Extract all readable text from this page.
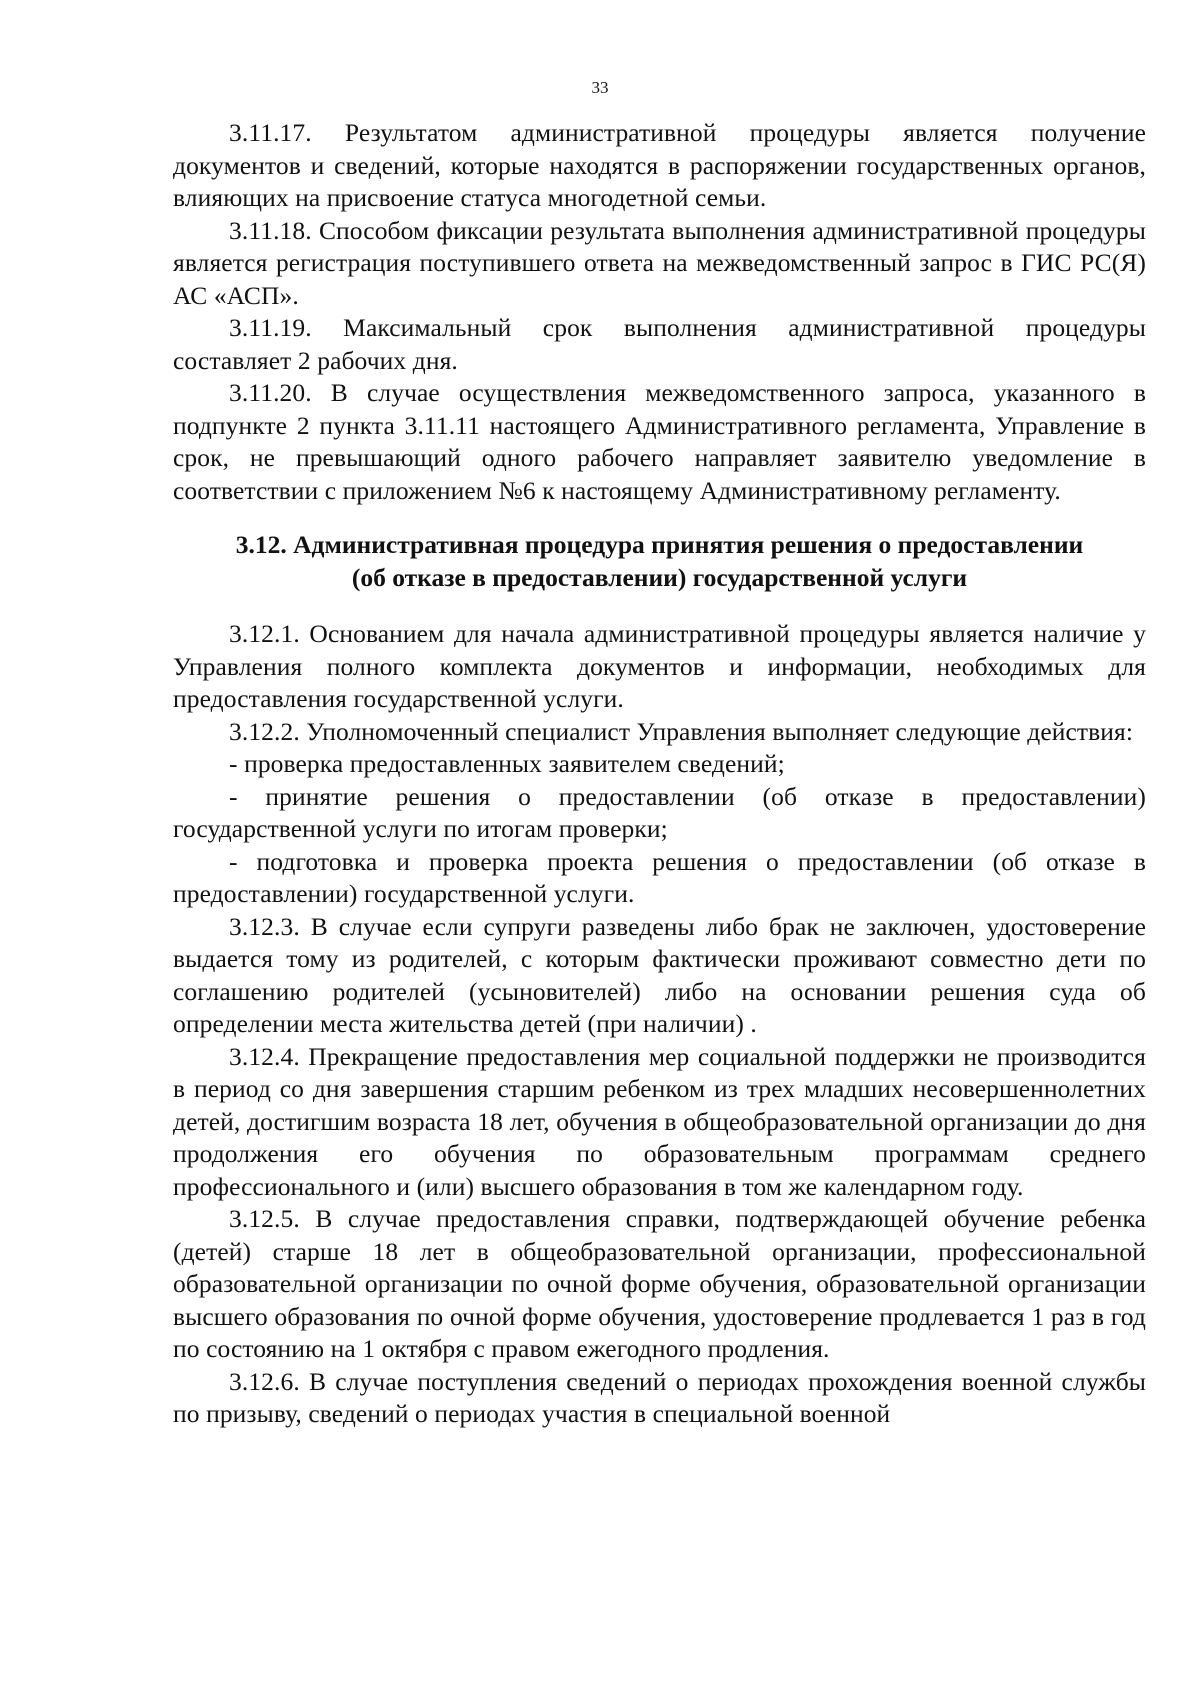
33

3.11.17. Результатом административной процедуры является получение документов и сведений, которые находятся в распоряжении государственных органов, влияющих на присвоение статуса многодетной семьи.

3.11.18. Способом фиксации результата выполнения административной процедуры является регистрация поступившего ответа на межведомственный запрос в ГИС РС(Я) АС «АСП».

3.11.19. Максимальный срок выполнения административной процедуры составляет 2 рабочих дня.

3.11.20. В случае осуществления межведомственного запроса, указанного в подпункте 2 пункта 3.11.11 настоящего Административного регламента, Управление в срок, не превышающий одного рабочего направляет заявителю уведомление в соответствии с приложением №6 к настоящему Административному регламенту.

3.12. Административная процедура принятия решения о предоставлении
(об отказе в предоставлении) государственной услуги

3.12.1. Основанием для начала административной процедуры является наличие у Управления полного комплекта документов и информации, необходимых для предоставления государственной услуги.

3.12.2. Уполномоченный специалист Управления выполняет следующие действия:

- проверка предоставленных заявителем сведений;

- принятие решения о предоставлении (об отказе в предоставлении) государственной услуги по итогам проверки;

- подготовка и проверка проекта решения о предоставлении (об отказе в предоставлении) государственной услуги.

3.12.3. В случае если супруги разведены либо брак не заключен, удостоверение выдается тому из родителей, с которым фактически проживают совместно дети по соглашению родителей (усыновителей) либо на основании решения суда об определении места жительства детей (при наличии) .

3.12.4. Прекращение предоставления мер социальной поддержки не производится в период со дня завершения старшим ребенком из трех младших несовершеннолетних детей, достигшим возраста 18 лет, обучения в общеобразовательной организации до дня продолжения его обучения по образовательным программам среднего профессионального и (или) высшего образования в том же календарном году.

3.12.5. В случае предоставления справки, подтверждающей обучение ребенка (детей) старше 18 лет в общеобразовательной организации, профессиональной образовательной организации по очной форме обучения, образовательной организации высшего образования по очной форме обучения, удостоверение продлевается 1 раз в год по состоянию на 1 октября с правом ежегодного продления.

3.12.6. В случае поступления сведений о периодах прохождения военной службы по призыву, сведений о периодах участия в специальной военной
